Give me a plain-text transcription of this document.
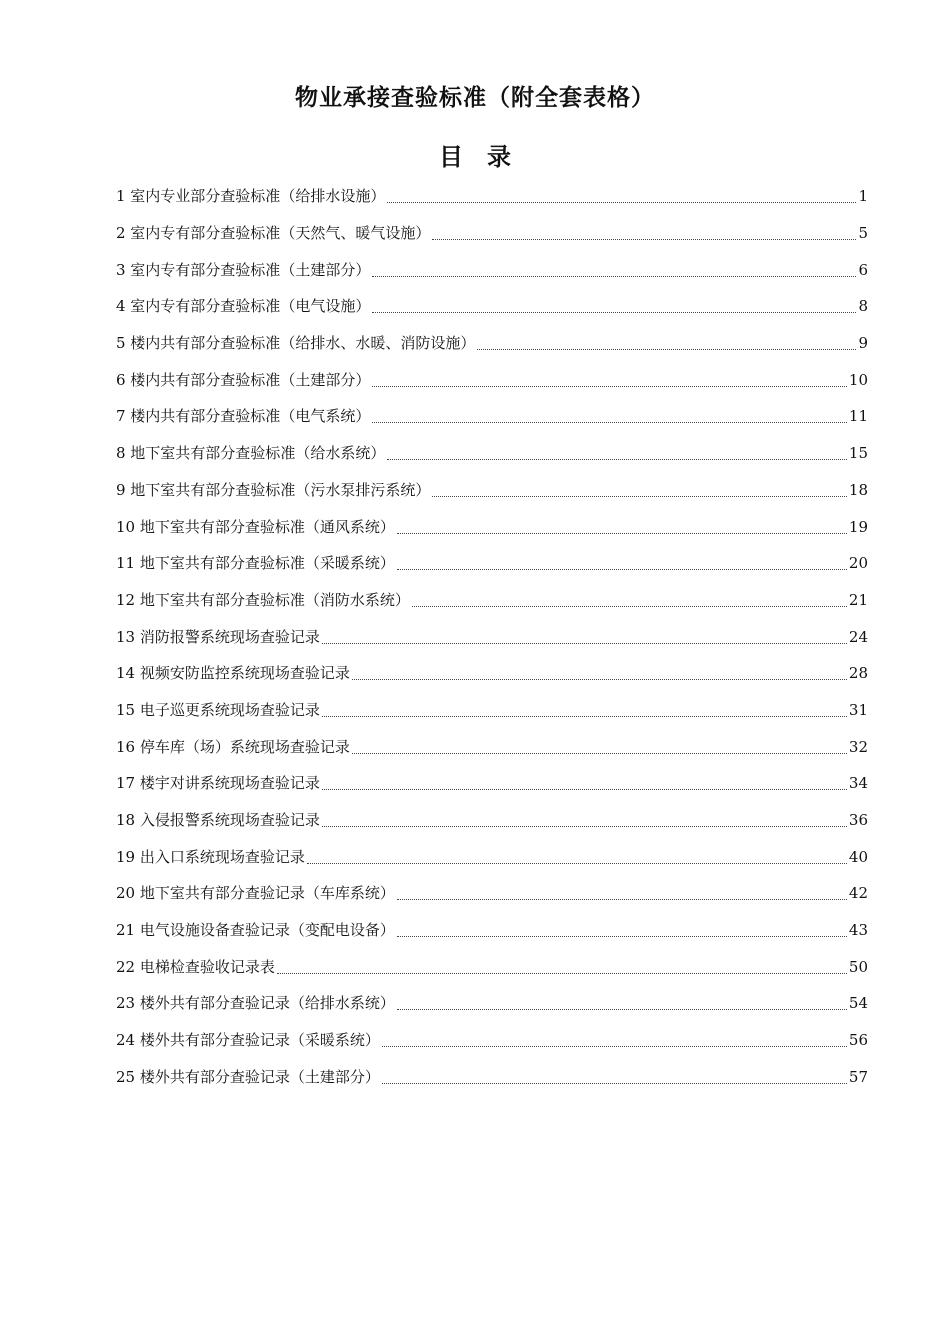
物业承接查验标准（附全套表格）
目　录
1 室内专业部分查验标准（给排水设施）	1
2 室内专有部分查验标准（天然气、暖气设施）	5
3 室内专有部分查验标准（土建部分）	6
4 室内专有部分查验标准（电气设施）	8
5 楼内共有部分查验标准（给排水、水暖、消防设施）	9
6 楼内共有部分查验标准（土建部分）	10
7 楼内共有部分查验标准（电气系统）	11
8 地下室共有部分查验标准（给水系统）	15
9 地下室共有部分查验标准（污水泵排污系统）	18
10 地下室共有部分查验标准（通风系统）	19
11 地下室共有部分查验标准（采暖系统）	20
12 地下室共有部分查验标准（消防水系统）	21
13 消防报警系统现场查验记录	24
14 视频安防监控系统现场查验记录	28
15 电子巡更系统现场查验记录	31
16 停车库（场）系统现场查验记录	32
17 楼宇对讲系统现场查验记录	34
18 入侵报警系统现场查验记录	36
19 出入口系统现场查验记录	40
20 地下室共有部分查验记录（车库系统）	42
21 电气设施设备查验记录（变配电设备）	43
22 电梯检查验收记录表	50
23 楼外共有部分查验记录（给排水系统）	54
24 楼外共有部分查验记录（采暖系统）	56
25 楼外共有部分查验记录（土建部分）	57
